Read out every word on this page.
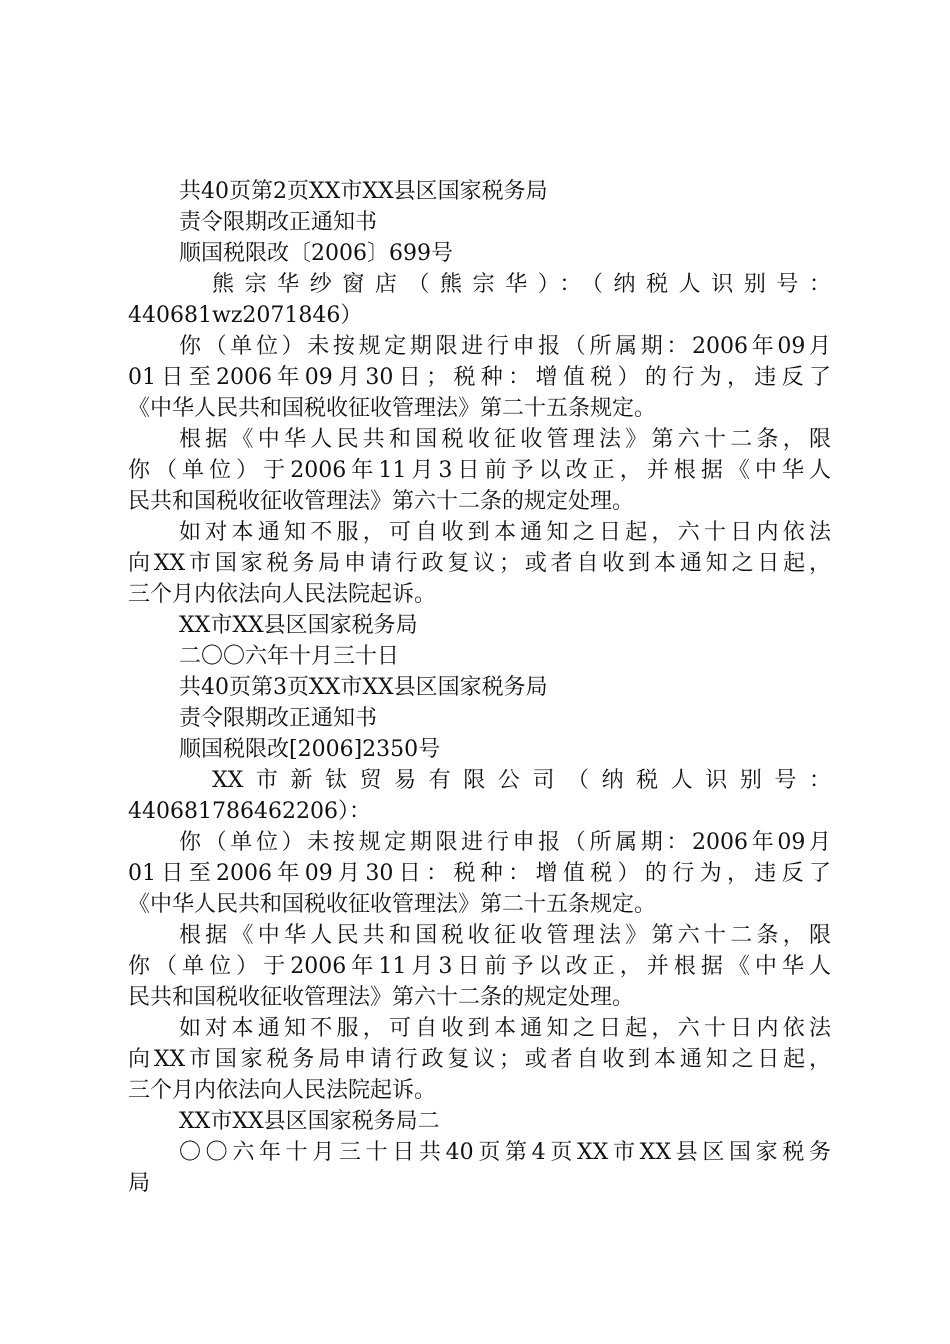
共40页第2页XX市XX县区国家税务局
责令限期改正通知书
顺国税限改〔2006〕699号
熊宗华纱窗店（熊宗华）：（纳税人识别号：
440681wz2071846）
你（单位）未按规定期限进行申报（所属期：2006年09月
01日至2006年09月30日；税种：增值税）的行为，违反了
《中华人民共和国税收征收管理法》第二十五条规定。
根据《中华人民共和国税收征收管理法》第六十二条，限
你（单位）于2006年11月3日前予以改正，并根据《中华人
民共和国税收征收管理法》第六十二条的规定处理。
如对本通知不服，可自收到本通知之日起，六十日内依法
向XX市国家税务局申请行政复议；或者自收到本通知之日起，
三个月内依法向人民法院起诉。
XX市XX县区国家税务局
二〇〇六年十月三十日
共40页第3页XX市XX县区国家税务局
责令限期改正通知书
顺国税限改[2006]2350号
XX市新钛贸易有限公司（纳税人识别号：
440681786462206）：
你（单位）未按规定期限进行申报（所属期：2006年09月
01日至2006年09月30日：税种：增值税）的行为，违反了
《中华人民共和国税收征收管理法》第二十五条规定。
根据《中华人民共和国税收征收管理法》第六十二条，限
你（单位）于2006年11月3日前予以改正，并根据《中华人
民共和国税收征收管理法》第六十二条的规定处理。
如对本通知不服，可自收到本通知之日起，六十日内依法
向XX市国家税务局申请行政复议；或者自收到本通知之日起，
三个月内依法向人民法院起诉。
XX市XX县区国家税务局二
〇〇六年十月三十日共40页第4页XX市XX县区国家税务
局
